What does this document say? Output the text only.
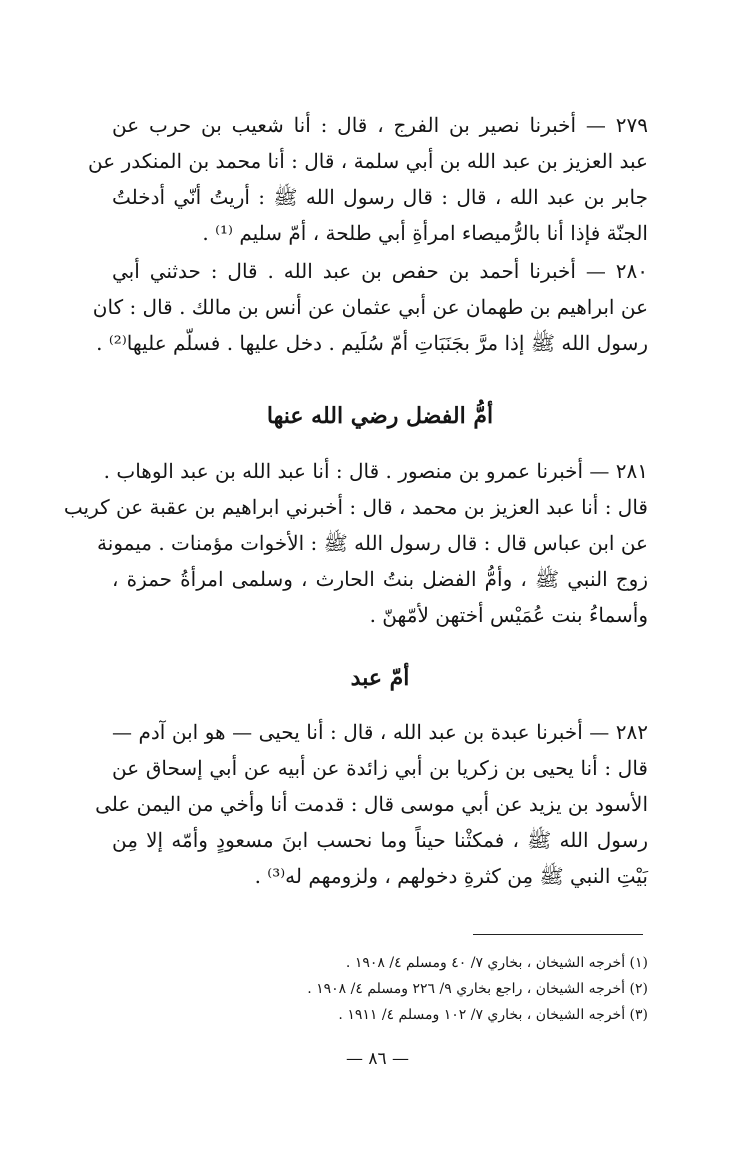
٢٧٩ — أخبرنا نصير بن الفرج ، قال : أنا شعيب بن حرب عن
عبد العزيز بن عبد الله بن أبي سلمة ، قال : أنا محمد بن المنكدر عن
جابر بن عبد الله ، قال : قال رسول الله ﷺ : أريتُ أنّي أدخلتُ
الجنّة فإذا أنا بالرُّميصاء امرأةِ أبي طلحة ، أمّ سليم ⁽¹⁾ .
٢٨٠ — أخبرنا أحمد بن حفص بن عبد الله . قال : حدثني أبي
عن ابراهيم بن طهمان عن أبي عثمان عن أنس بن مالك . قال : كان
رسول الله ﷺ إذا مرَّ بجَنَبَاتِ أمّ سُلَيم . دخل عليها . فسلّم عليها⁽²⁾ .
أمُّ الفضل رضي الله عنها
٢٨١ — أخبرنا عمرو بن منصور . قال : أنا عبد الله بن عبد الوهاب .
قال : أنا عبد العزيز بن محمد ، قال : أخبرني ابراهيم بن عقبة عن كريب
عن ابن عباس قال : قال رسول الله ﷺ : الأخوات مؤمنات . ميمونة
زوج النبي ﷺ ، وأمُّ الفضل بنتُ الحارث ، وسلمى امرأةُ حمزة ،
وأسماءُ بنت عُمَيْس أختهن لأمّهنّ .
أمّ عبد
٢٨٢ — أخبرنا عبدة بن عبد الله ، قال : أنا يحيى — هو ابن آدم —
قال : أنا يحيى بن زكريا بن أبي زائدة عن أبيه عن أبي إسحاق عن
الأسود بن يزيد عن أبي موسى قال : قدمت أنا وأخي من اليمن على
رسول الله ﷺ ، فمكثْنا حيناً وما نحسب ابنَ مسعودٍ وأمّه إلا مِن
بَيْتِ النبي ﷺ مِن كثرةِ دخولهم ، ولزومهم له⁽³⁾ .
(١) أخرجه الشيخان ، بخاري ٧/ ٤٠ ومسلم ٤/ ١٩٠٨ .
(٢) أخرجه الشيخان ، راجع بخاري ٩/ ٢٢٦ ومسلم ٤/ ١٩٠٨ .
(٣) أخرجه الشيخان ، بخاري ٧/ ١٠٢ ومسلم ٤/ ١٩١١ .
— ٨٦ —
